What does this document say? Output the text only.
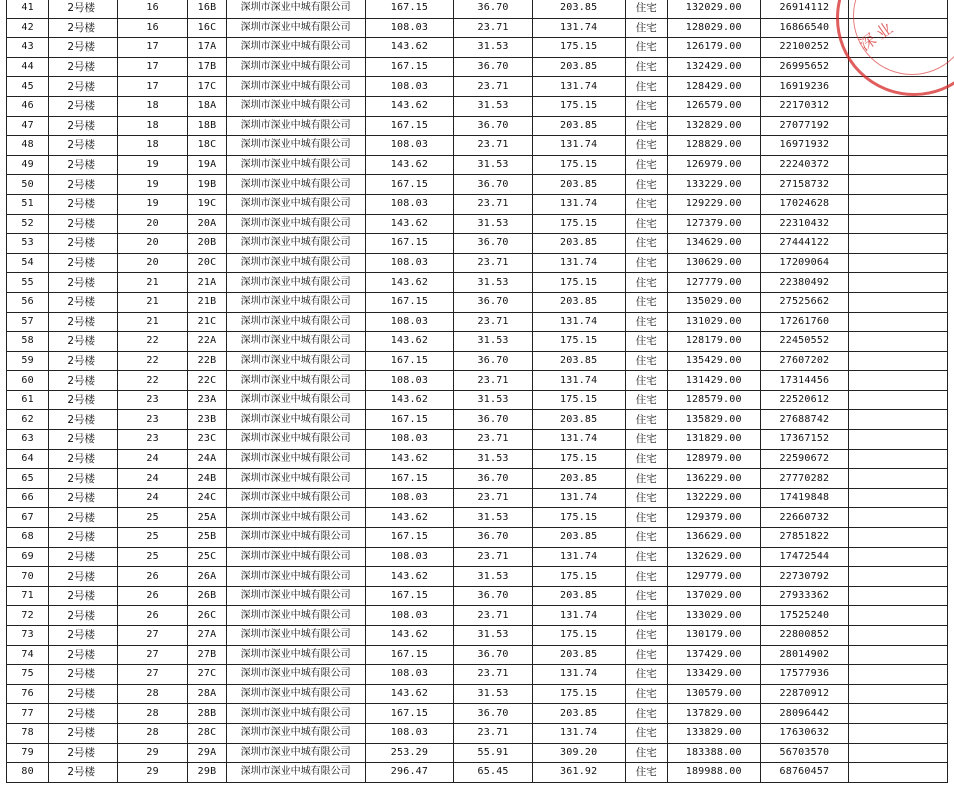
41	2号楼	16	16B	深圳市深业中城有限公司	167.15	36.70	203.85	住宅	132029.00	26914112	
42	2号楼	16	16C	深圳市深业中城有限公司	108.03	23.71	131.74	住宅	128029.00	16866540	
43	2号楼	17	17A	深圳市深业中城有限公司	143.62	31.53	175.15	住宅	126179.00	22100252	
44	2号楼	17	17B	深圳市深业中城有限公司	167.15	36.70	203.85	住宅	132429.00	26995652	
45	2号楼	17	17C	深圳市深业中城有限公司	108.03	23.71	131.74	住宅	128429.00	16919236	
46	2号楼	18	18A	深圳市深业中城有限公司	143.62	31.53	175.15	住宅	126579.00	22170312	
47	2号楼	18	18B	深圳市深业中城有限公司	167.15	36.70	203.85	住宅	132829.00	27077192	
48	2号楼	18	18C	深圳市深业中城有限公司	108.03	23.71	131.74	住宅	128829.00	16971932	
49	2号楼	19	19A	深圳市深业中城有限公司	143.62	31.53	175.15	住宅	126979.00	22240372	
50	2号楼	19	19B	深圳市深业中城有限公司	167.15	36.70	203.85	住宅	133229.00	27158732	
51	2号楼	19	19C	深圳市深业中城有限公司	108.03	23.71	131.74	住宅	129229.00	17024628	
52	2号楼	20	20A	深圳市深业中城有限公司	143.62	31.53	175.15	住宅	127379.00	22310432	
53	2号楼	20	20B	深圳市深业中城有限公司	167.15	36.70	203.85	住宅	134629.00	27444122	
54	2号楼	20	20C	深圳市深业中城有限公司	108.03	23.71	131.74	住宅	130629.00	17209064	
55	2号楼	21	21A	深圳市深业中城有限公司	143.62	31.53	175.15	住宅	127779.00	22380492	
56	2号楼	21	21B	深圳市深业中城有限公司	167.15	36.70	203.85	住宅	135029.00	27525662	
57	2号楼	21	21C	深圳市深业中城有限公司	108.03	23.71	131.74	住宅	131029.00	17261760	
58	2号楼	22	22A	深圳市深业中城有限公司	143.62	31.53	175.15	住宅	128179.00	22450552	
59	2号楼	22	22B	深圳市深业中城有限公司	167.15	36.70	203.85	住宅	135429.00	27607202	
60	2号楼	22	22C	深圳市深业中城有限公司	108.03	23.71	131.74	住宅	131429.00	17314456	
61	2号楼	23	23A	深圳市深业中城有限公司	143.62	31.53	175.15	住宅	128579.00	22520612	
62	2号楼	23	23B	深圳市深业中城有限公司	167.15	36.70	203.85	住宅	135829.00	27688742	
63	2号楼	23	23C	深圳市深业中城有限公司	108.03	23.71	131.74	住宅	131829.00	17367152	
64	2号楼	24	24A	深圳市深业中城有限公司	143.62	31.53	175.15	住宅	128979.00	22590672	
65	2号楼	24	24B	深圳市深业中城有限公司	167.15	36.70	203.85	住宅	136229.00	27770282	
66	2号楼	24	24C	深圳市深业中城有限公司	108.03	23.71	131.74	住宅	132229.00	17419848	
67	2号楼	25	25A	深圳市深业中城有限公司	143.62	31.53	175.15	住宅	129379.00	22660732	
68	2号楼	25	25B	深圳市深业中城有限公司	167.15	36.70	203.85	住宅	136629.00	27851822	
69	2号楼	25	25C	深圳市深业中城有限公司	108.03	23.71	131.74	住宅	132629.00	17472544	
70	2号楼	26	26A	深圳市深业中城有限公司	143.62	31.53	175.15	住宅	129779.00	22730792	
71	2号楼	26	26B	深圳市深业中城有限公司	167.15	36.70	203.85	住宅	137029.00	27933362	
72	2号楼	26	26C	深圳市深业中城有限公司	108.03	23.71	131.74	住宅	133029.00	17525240	
73	2号楼	27	27A	深圳市深业中城有限公司	143.62	31.53	175.15	住宅	130179.00	22800852	
74	2号楼	27	27B	深圳市深业中城有限公司	167.15	36.70	203.85	住宅	137429.00	28014902	
75	2号楼	27	27C	深圳市深业中城有限公司	108.03	23.71	131.74	住宅	133429.00	17577936	
76	2号楼	28	28A	深圳市深业中城有限公司	143.62	31.53	175.15	住宅	130579.00	22870912	
77	2号楼	28	28B	深圳市深业中城有限公司	167.15	36.70	203.85	住宅	137829.00	28096442	
78	2号楼	28	28C	深圳市深业中城有限公司	108.03	23.71	131.74	住宅	133829.00	17630632	
79	2号楼	29	29A	深圳市深业中城有限公司	253.29	55.91	309.20	住宅	183388.00	56703570	
80	2号楼	29	29B	深圳市深业中城有限公司	296.47	65.45	361.92	住宅	189988.00	68760457	
深业
